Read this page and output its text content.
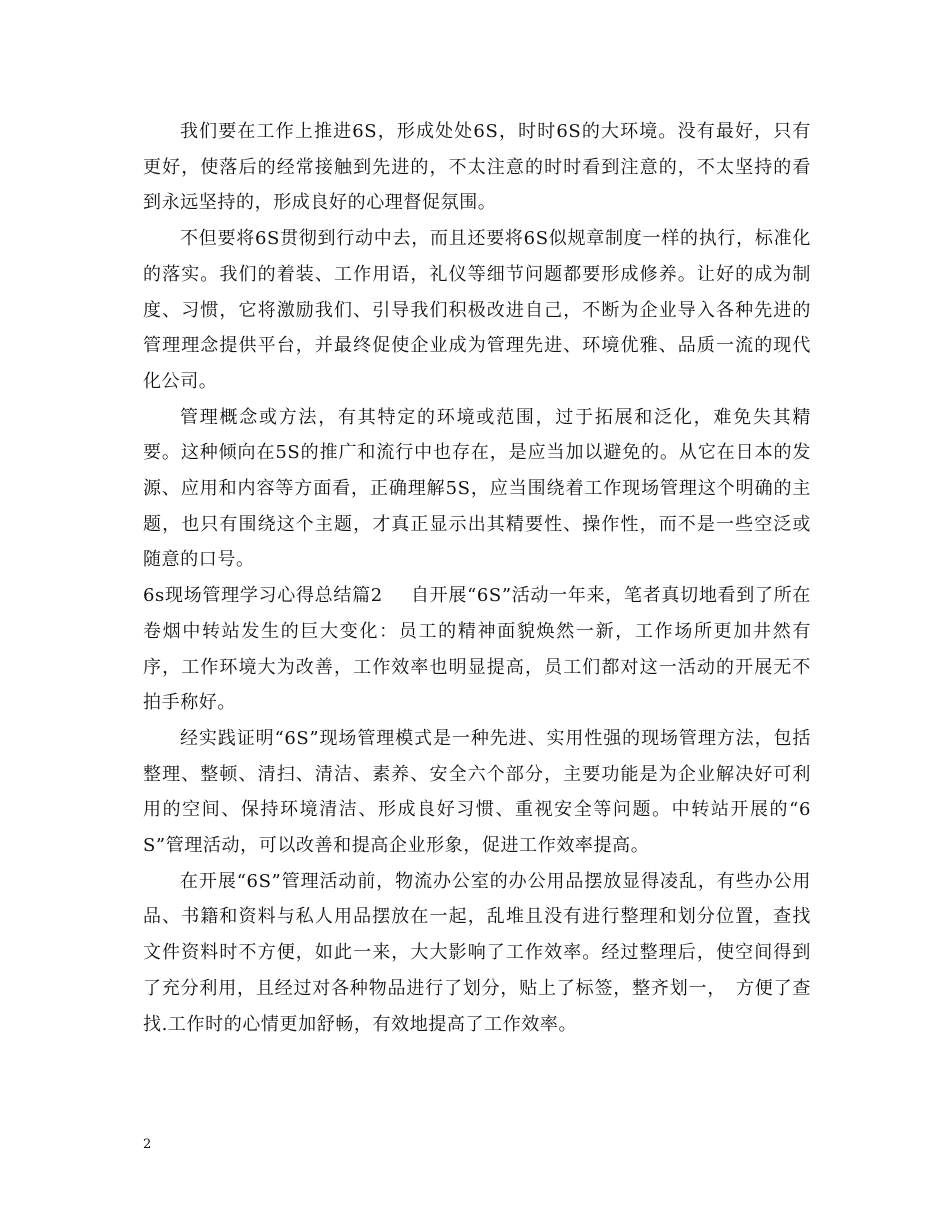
我们要在工作上推进6S，形成处处6S，时时6S的大环境。没有最好，只有更好，使落后的经常接触到先进的，不太注意的时时看到注意的，不太坚持的看到永远坚持的，形成良好的心理督促氛围。

不但要将6S贯彻到行动中去，而且还要将6S似规章制度一样的执行，标准化的落实。我们的着装、工作用语，礼仪等细节问题都要形成修养。让好的成为制度、习惯，它将激励我们、引导我们积极改进自己，不断为企业导入各种先进的管理理念提供平台，并最终促使企业成为管理先进、环境优雅、品质一流的现代化公司。

管理概念或方法，有其特定的环境或范围，过于拓展和泛化，难免失其精要。这种倾向在5S的推广和流行中也存在，是应当加以避免的。从它在日本的发源、应用和内容等方面看，正确理解5S，应当围绕着工作现场管理这个明确的主题，也只有围绕这个主题，才真正显示出其精要性、操作性，而不是一些空泛或随意的口号。

6s现场管理学习心得总结篇2 自开展“6S”活动一年来，笔者真切地看到了所在卷烟中转站发生的巨大变化：员工的精神面貌焕然一新，工作场所更加井然有序，工作环境大为改善，工作效率也明显提高，员工们都对这一活动的开展无不拍手称好。

经实践证明“6S”现场管理模式是一种先进、实用性强的现场管理方法，包括整理、整顿、清扫、清洁、素养、安全六个部分，主要功能是为企业解决好可利用的空间、保持环境清洁、形成良好习惯、重视安全等问题。中转站开展的“6S”管理活动，可以改善和提高企业形象，促进工作效率提高。

在开展“6S”管理活动前，物流办公室的办公用品摆放显得凌乱，有些办公用品、书籍和资料与私人用品摆放在一起，乱堆且没有进行整理和划分位置，查找文件资料时不方便，如此一来，大大影响了工作效率。经过整理后，使空间得到了充分利用，且经过对各种物品进行了划分，贴上了标签，整齐划一，　方便了查找.工作时的心情更加舒畅，有效地提高了工作效率。

2
